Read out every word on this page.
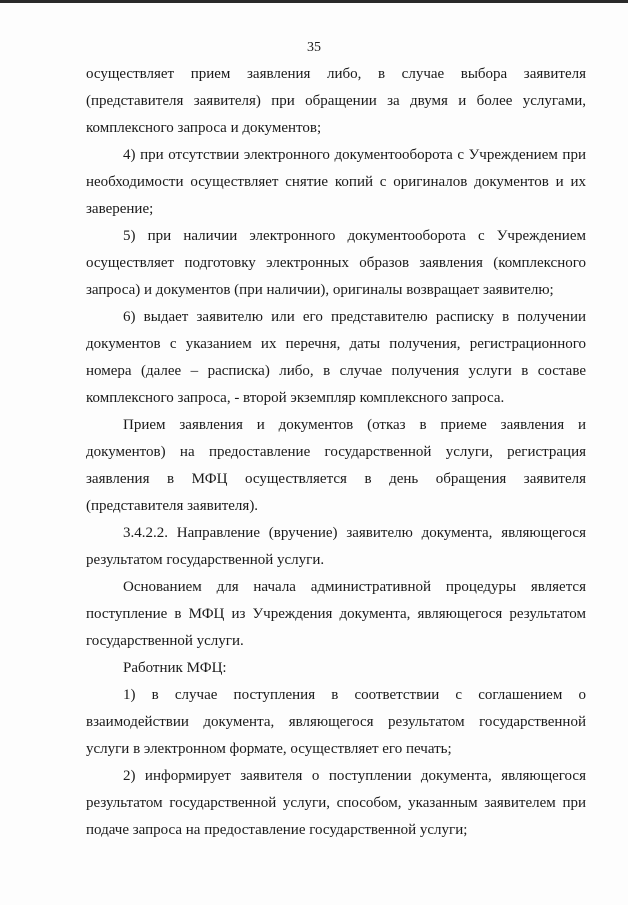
35

осуществляет прием заявления либо, в случае выбора заявителя (представителя заявителя) при обращении за двумя и более услугами, комплексного запроса и документов;

4) при отсутствии электронного документооборота с Учреждением при необходимости осуществляет снятие копий с оригиналов документов и их заверение;

5) при наличии электронного документооборота с Учреждением осуществляет подготовку электронных образов заявления (комплексного запроса) и документов (при наличии), оригиналы возвращает заявителю;

6) выдает заявителю или его представителю расписку в получении документов с указанием их перечня, даты получения, регистрационного номера (далее – расписка) либо, в случае получения услуги в составе комплексного запроса, - второй экземпляр комплексного запроса.

Прием заявления и документов (отказ в приеме заявления и документов) на предоставление государственной услуги, регистрация заявления в МФЦ осуществляется в день обращения заявителя (представителя заявителя).

3.4.2.2. Направление (вручение) заявителю документа, являющегося результатом государственной услуги.

Основанием для начала административной процедуры является поступление в МФЦ из Учреждения документа, являющегося результатом государственной услуги.

Работник МФЦ:

1) в случае поступления в соответствии с соглашением о взаимодействии документа, являющегося результатом государственной услуги в электронном формате, осуществляет его печать;

2) информирует заявителя о поступлении документа, являющегося результатом государственной услуги, способом, указанным заявителем при подаче запроса на предоставление государственной услуги;
